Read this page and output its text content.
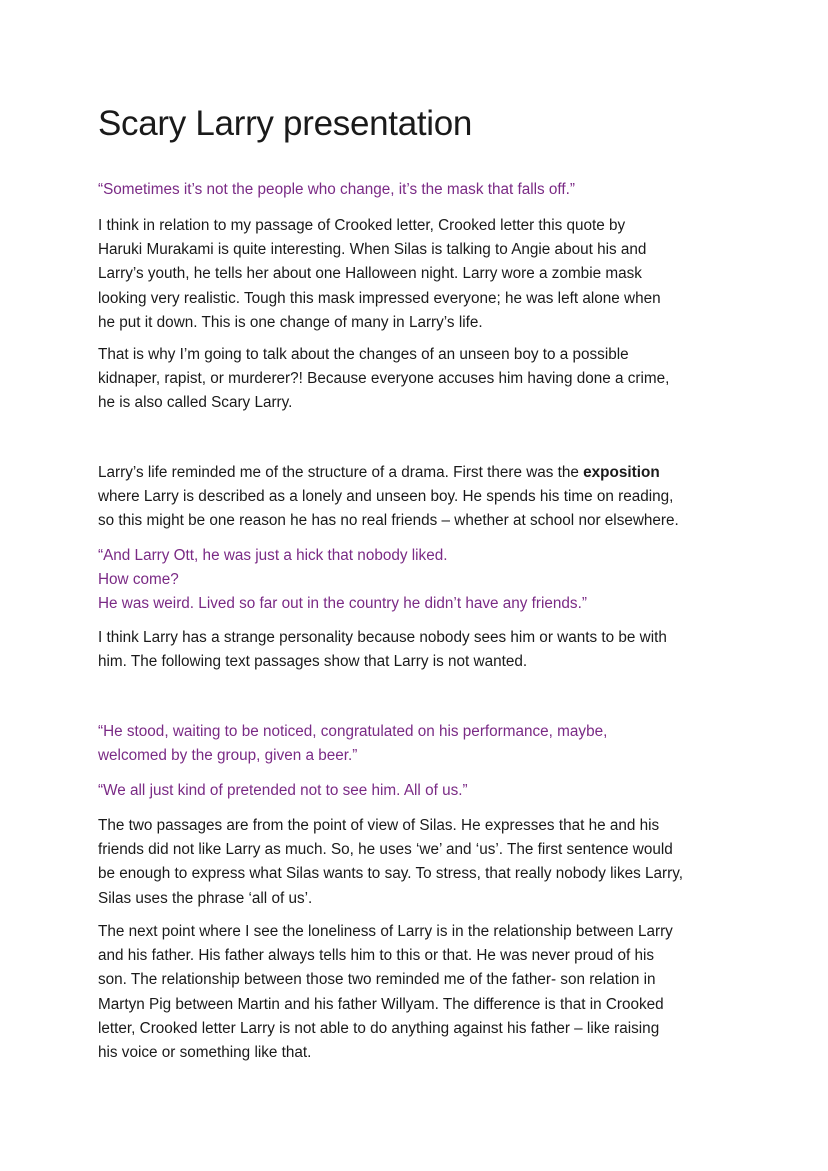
Scary Larry presentation

“Sometimes it’s not the people who change, it’s the mask that falls off.”

I think in relation to my passage of Crooked letter, Crooked letter this quote by
Haruki Murakami is quite interesting. When Silas is talking to Angie about his and
Larry’s youth, he tells her about one Halloween night. Larry wore a zombie mask
looking very realistic. Tough this mask impressed everyone; he was left alone when
he put it down. This is one change of many in Larry’s life.

That is why I’m going to talk about the changes of an unseen boy to a possible
kidnaper, rapist, or murderer?! Because everyone accuses him having done a crime,
he is also called Scary Larry.

Larry’s life reminded me of the structure of a drama. First there was the exposition
where Larry is described as a lonely and unseen boy. He spends his time on reading,
so this might be one reason he has no real friends – whether at school nor elsewhere.

“And Larry Ott, he was just a hick that nobody liked.
How come?
He was weird. Lived so far out in the country he didn’t have any friends.”

I think Larry has a strange personality because nobody sees him or wants to be with
him. The following text passages show that Larry is not wanted.

“He stood, waiting to be noticed, congratulated on his performance, maybe,
welcomed by the group, given a beer.”

“We all just kind of pretended not to see him. All of us.”

The two passages are from the point of view of Silas. He expresses that he and his
friends did not like Larry as much. So, he uses ‘we’ and ‘us’. The first sentence would
be enough to express what Silas wants to say. To stress, that really nobody likes Larry,
Silas uses the phrase ‘all of us’.

The next point where I see the loneliness of Larry is in the relationship between Larry
and his father. His father always tells him to this or that. He was never proud of his
son. The relationship between those two reminded me of the father- son relation in
Martyn Pig between Martin and his father Willyam. The difference is that in Crooked
letter, Crooked letter Larry is not able to do anything against his father – like raising
his voice or something like that.
